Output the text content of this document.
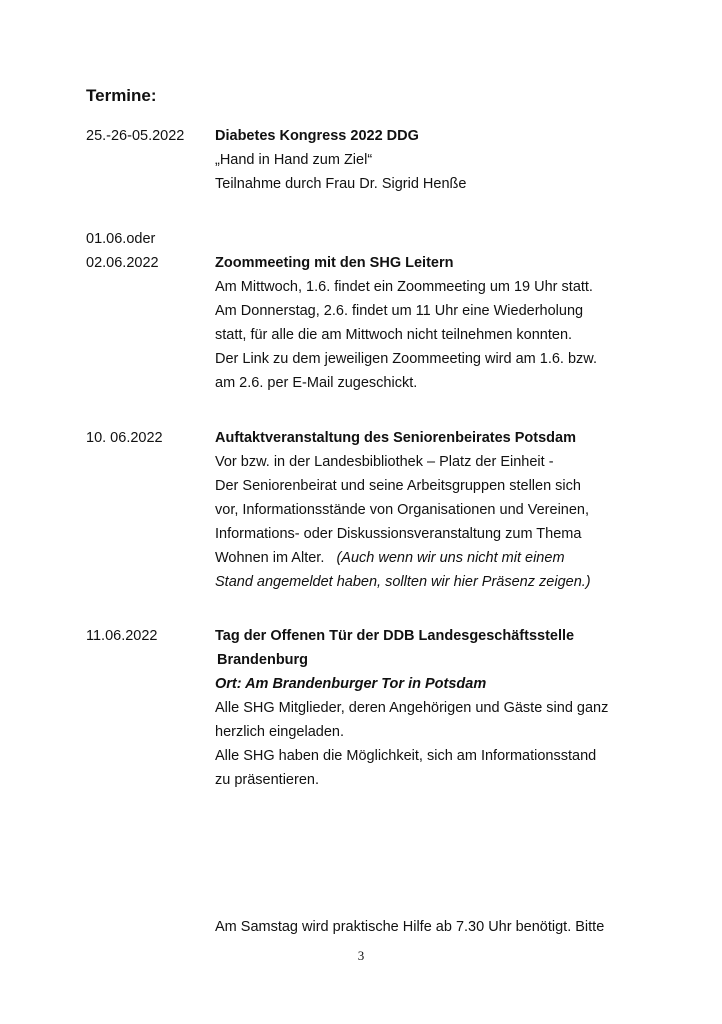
Termine:
25.-26-05.2022 Diabetes Kongress 2022 DDG
„Hand in Hand zum Ziel“
Teilnahme durch Frau Dr. Sigrid Henße
01.06.oder
02.06.2022	Zoommeeting mit den SHG Leitern
Am Mittwoch, 1.6. findet ein Zoommeeting um 19 Uhr statt.
Am Donnerstag, 2.6. findet um 11 Uhr eine Wiederholung
statt, für alle die am Mittwoch nicht teilnehmen konnten.
Der Link zu dem jeweiligen Zoommeeting wird am 1.6. bzw.
am 2.6. per E-Mail zugeschickt.
10. 06.2022	Auftaktveranstaltung des Seniorenbeirates Potsdam
Vor bzw. in der Landesbibliothek – Platz der Einheit -
Der Seniorenbeirat und seine Arbeitsgruppen stellen sich
vor, Informationsstände von Organisationen und Vereinen,
Informations- oder Diskussionsveranstaltung zum Thema
Wohnen im Alter. (Auch wenn wir uns nicht mit einem
Stand angemeldet haben, sollten wir hier Präsenz zeigen.)
11.06.2022	Tag der Offenen Tür der DDB Landesgeschäftsstelle
Brandenburg
Ort: Am Brandenburger Tor in Potsdam
Alle SHG Mitglieder, deren Angehörigen und Gäste sind ganz
herzlich eingeladen.
Alle SHG haben die Möglichkeit, sich am Informationsstand
zu präsentieren.
Am Samstag wird praktische Hilfe ab 7.30 Uhr benötigt. Bitte
3
